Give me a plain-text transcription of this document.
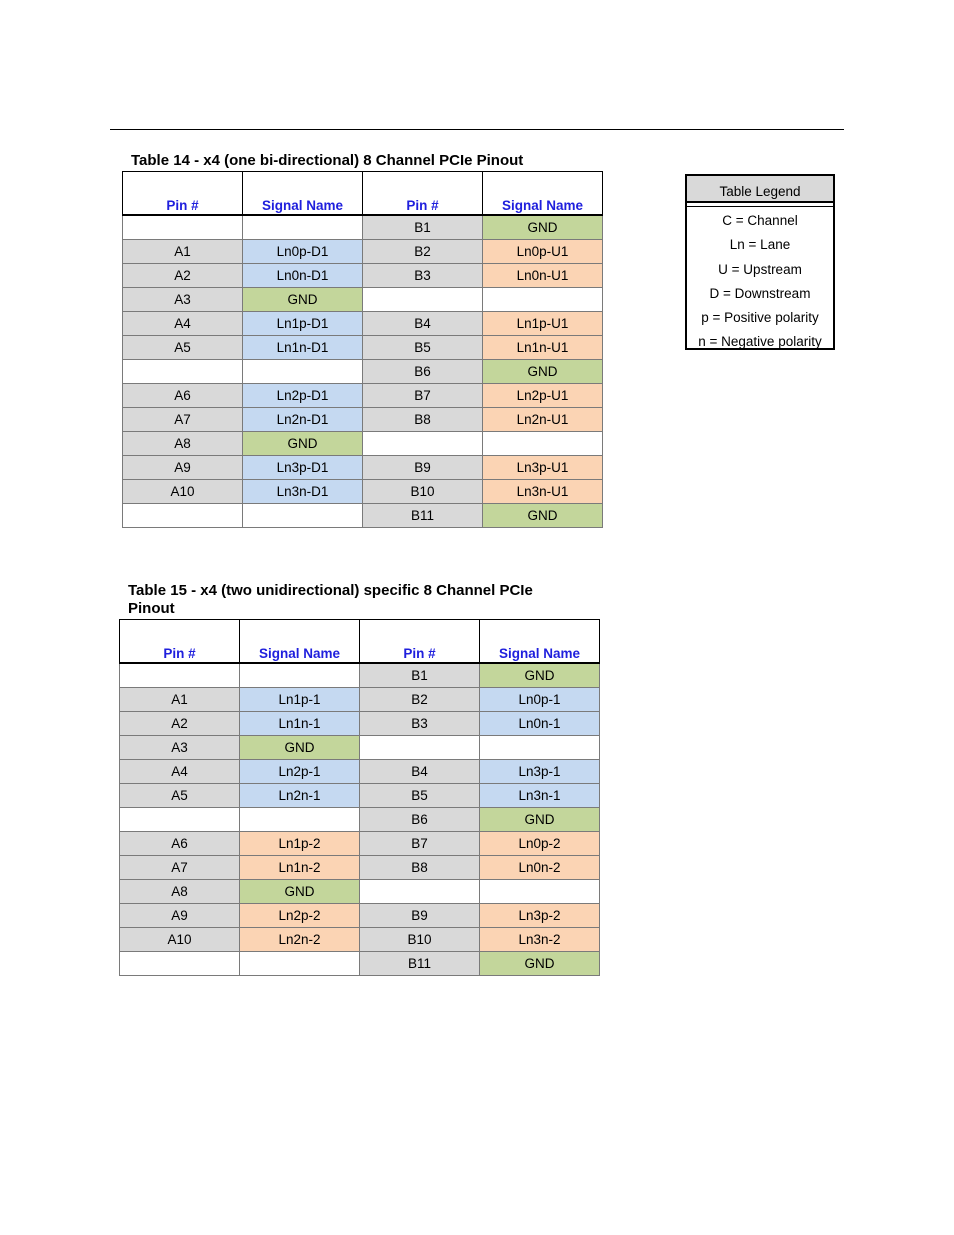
Table 14 - x4 (one bi-directional) 8 Channel PCIe Pinout
Pin #	Signal Name	Pin #	Signal Name
		B1	GND
A1	Ln0p-D1	B2	Ln0p-U1
A2	Ln0n-D1	B3	Ln0n-U1
A3	GND		
A4	Ln1p-D1	B4	Ln1p-U1
A5	Ln1n-D1	B5	Ln1n-U1
		B6	GND
A6	Ln2p-D1	B7	Ln2p-U1
A7	Ln2n-D1	B8	Ln2n-U1
A8	GND		
A9	Ln3p-D1	B9	Ln3p-U1
A10	Ln3n-D1	B10	Ln3n-U1
		B11	GND
Table Legend
C = Channel
Ln = Lane
U = Upstream
D = Downstream
p = Positive polarity
n = Negative polarity
Table 15 - x4 (two unidirectional) specific 8 Channel PCIe
Pinout
Pin #	Signal Name	Pin #	Signal Name
		B1	GND
A1	Ln1p-1	B2	Ln0p-1
A2	Ln1n-1	B3	Ln0n-1
A3	GND		
A4	Ln2p-1	B4	Ln3p-1
A5	Ln2n-1	B5	Ln3n-1
		B6	GND
A6	Ln1p-2	B7	Ln0p-2
A7	Ln1n-2	B8	Ln0n-2
A8	GND		
A9	Ln2p-2	B9	Ln3p-2
A10	Ln2n-2	B10	Ln3n-2
		B11	GND
